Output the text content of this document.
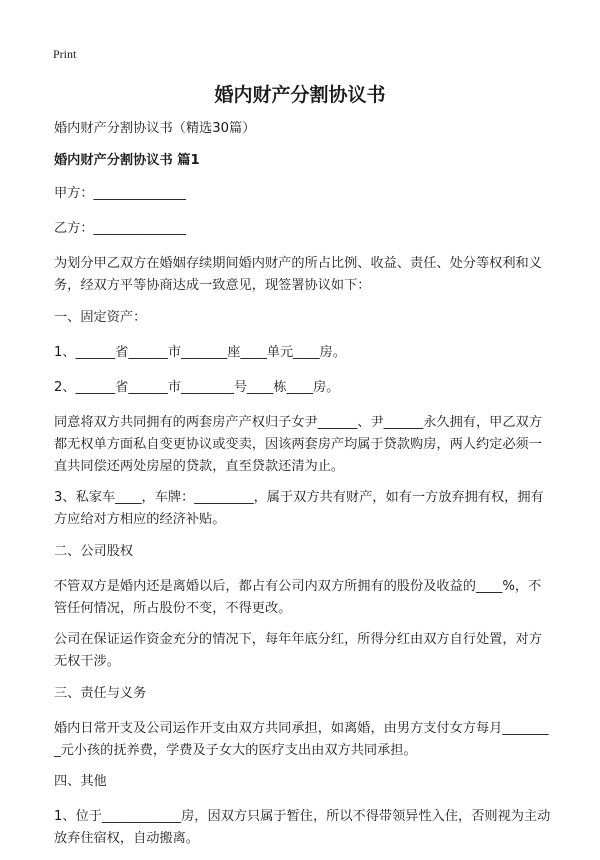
Print
婚内财产分割协议书

婚内财产分割协议书（精选30篇）

婚内财产分割协议书 篇1

甲方：______________

乙方：______________

为划分甲乙双方在婚姻存续期间婚内财产的所占比例、收益、责任、处分等权利和义务，经双方平等协商达成一致意见，现签署协议如下：

一、固定资产：

1、______省______市_______座____单元____房。

2、______省______市________号____栋____房。

同意将双方共同拥有的两套房产产权归子女尹______、尹______永久拥有，甲乙双方都无权单方面私自变更协议或变卖，因该两套房产均属于贷款购房，两人约定必须一直共同偿还两处房屋的贷款，直至贷款还清为止。

3、私家车____，车牌：_________，属于双方共有财产，如有一方放弃拥有权，拥有方应给对方相应的经济补贴。

二、公司股权

不管双方是婚内还是离婚以后，都占有公司内双方所拥有的股份及收益的____%，不管任何情况，所占股份不变，不得更改。

公司在保证运作资金充分的情况下，每年年底分红，所得分红由双方自行处置，对方无权干涉。

三、责任与义务

婚内日常开支及公司运作开支由双方共同承担，如离婚，由男方支付女方每月________元小孩的抚养费，学费及子女大的医疗支出由双方共同承担。

四、其他

1、位于____________房，因双方只属于暂住，所以不得带领异性入住，否则视为主动放弃住宿权，自动搬离。
